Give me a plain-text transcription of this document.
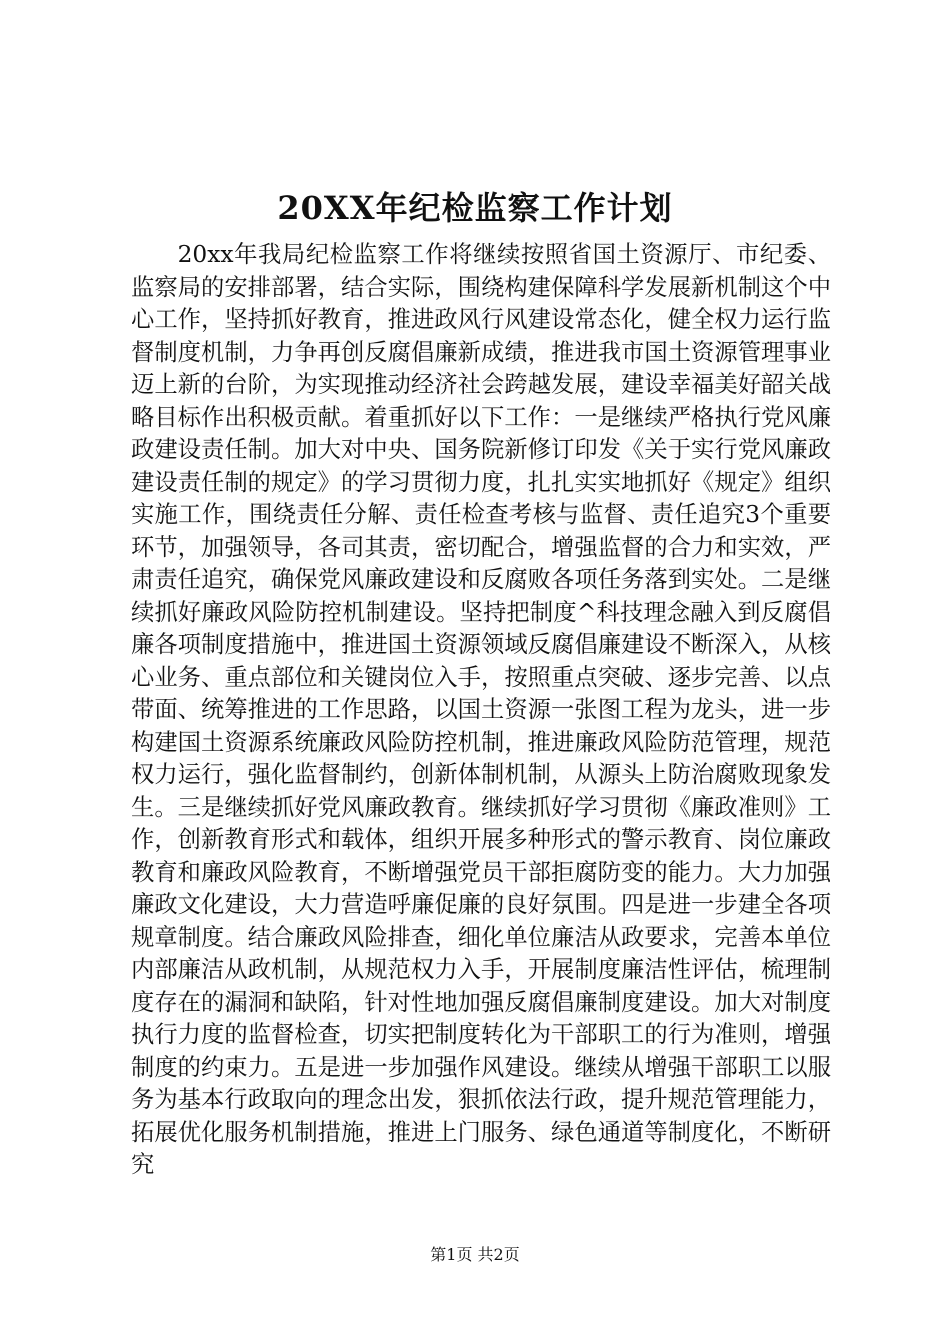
20XX年纪检监察工作计划

20xx年我局纪检监察工作将继续按照省国土资源厅、市纪委、监察局的安排部署，结合实际，围绕构建保障科学发展新机制这个中心工作，坚持抓好教育，推进政风行风建设常态化，健全权力运行监督制度机制，力争再创反腐倡廉新成绩，推进我市国土资源管理事业迈上新的台阶，为实现推动经济社会跨越发展，建设幸福美好韶关战略目标作出积极贡献。着重抓好以下工作：一是继续严格执行党风廉政建设责任制。加大对中央、国务院新修订印发《关于实行党风廉政建设责任制的规定》的学习贯彻力度，扎扎实实地抓好《规定》组织实施工作，围绕责任分解、责任检查考核与监督、责任追究3个重要环节，加强领导，各司其责，密切配合，增强监督的合力和实效，严肃责任追究，确保党风廉政建设和反腐败各项任务落到实处。二是继续抓好廉政风险防控机制建设。坚持把制度^科技理念融入到反腐倡廉各项制度措施中，推进国土资源领域反腐倡廉建设不断深入，从核心业务、重点部位和关键岗位入手，按照重点突破、逐步完善、以点带面、统筹推进的工作思路，以国土资源一张图工程为龙头，进一步构建国土资源系统廉政风险防控机制，推进廉政风险防范管理，规范权力运行，强化监督制约，创新体制机制，从源头上防治腐败现象发生。三是继续抓好党风廉政教育。继续抓好学习贯彻《廉政准则》工作，创新教育形式和载体，组织开展多种形式的警示教育、岗位廉政教育和廉政风险教育，不断增强党员干部拒腐防变的能力。大力加强廉政文化建设，大力营造呼廉促廉的良好氛围。四是进一步建全各项规章制度。结合廉政风险排查，细化单位廉洁从政要求，完善本单位内部廉洁从政机制，从规范权力入手，开展制度廉洁性评估，梳理制度存在的漏洞和缺陷，针对性地加强反腐倡廉制度建设。加大对制度执行力度的监督检查，切实把制度转化为干部职工的行为准则，增强制度的约束力。五是进一步加强作风建设。继续从增强干部职工以服务为基本行政取向的理念出发，狠抓依法行政，提升规范管理能力，拓展优化服务机制措施，推进上门服务、绿色通道等制度化，不断研究

第1页 共2页
